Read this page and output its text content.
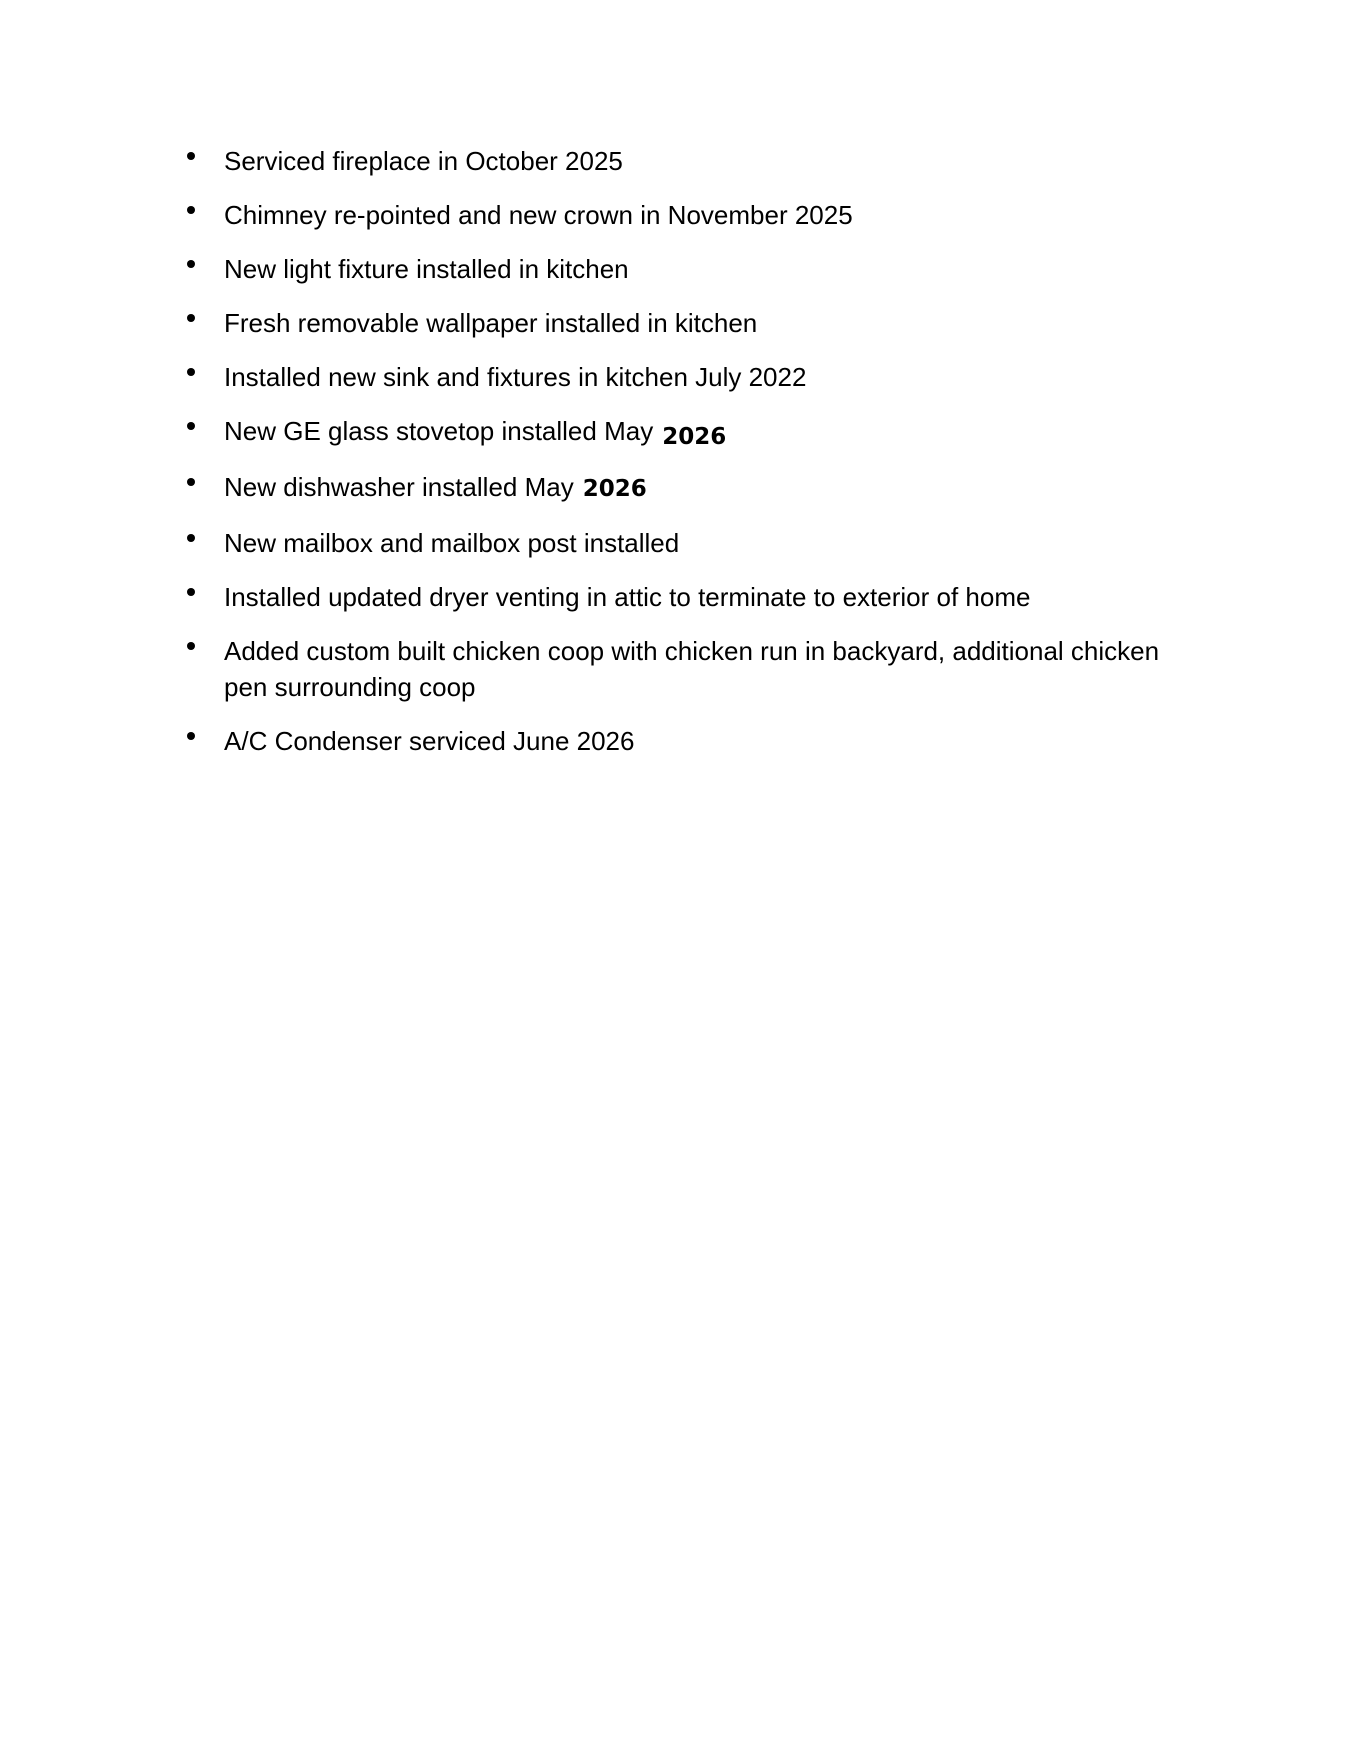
Serviced fireplace in October 2025
Chimney re-pointed and new crown in November 2025
New light fixture installed in kitchen
Fresh removable wallpaper installed in kitchen
Installed new sink and fixtures in kitchen July 2022
New GE glass stovetop installed May 2026
New dishwasher installed May 2026
New mailbox and mailbox post installed
Installed updated dryer venting in attic to terminate to exterior of home
Added custom built chicken coop with chicken run in backyard, additional chicken pen surrounding coop
A/C Condenser serviced June 2026
